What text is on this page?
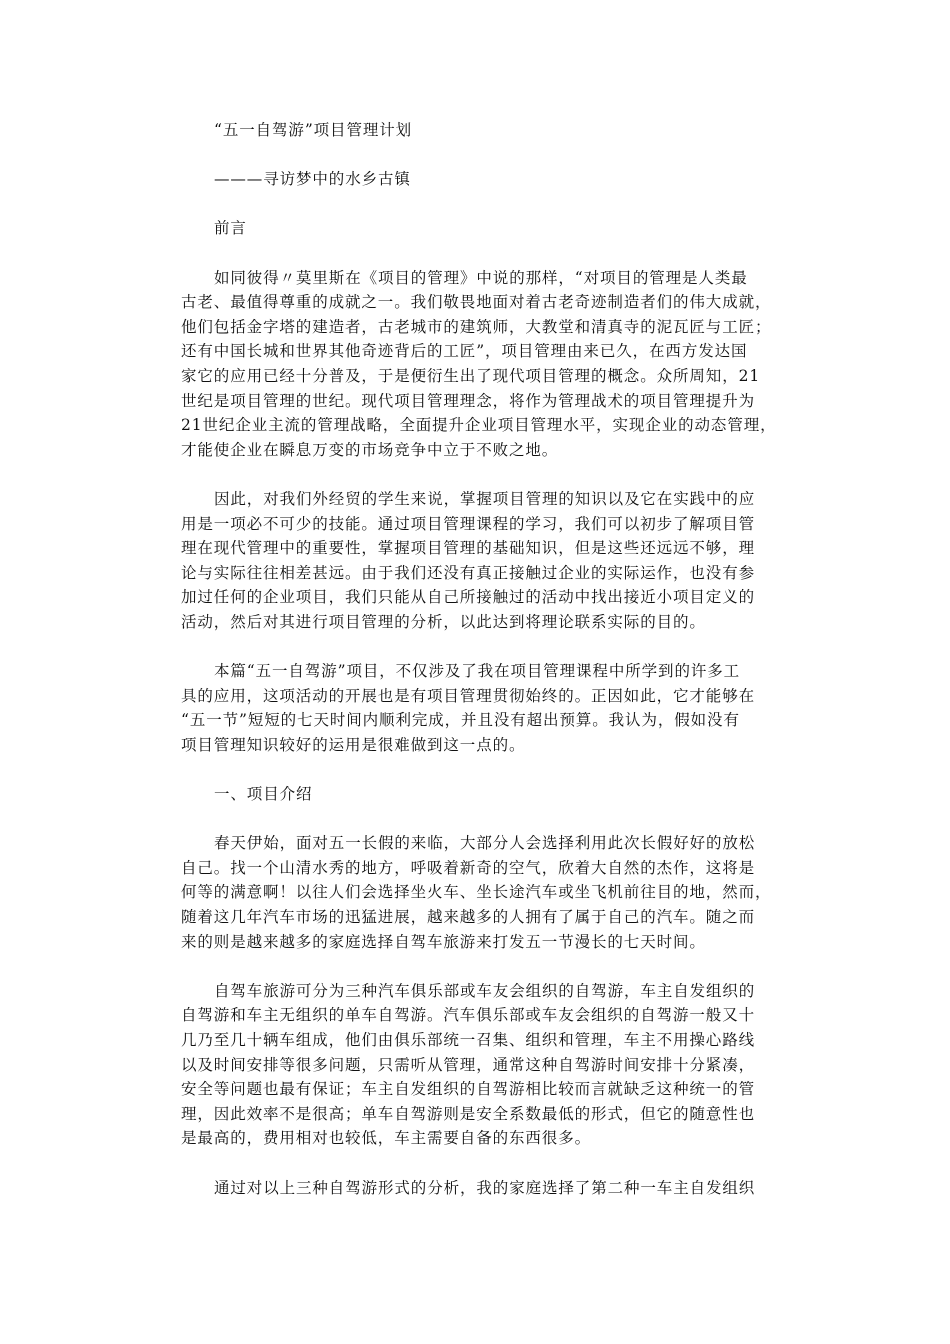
“五一自驾游”项目管理计划
———寻访梦中的水乡古镇
前言
如同彼得〃莫里斯在《项目的管理》中说的那样，“对项目的管理是人类最
古老、最值得尊重的成就之一。我们敬畏地面对着古老奇迹制造者们的伟大成就，
他们包括金字塔的建造者，古老城市的建筑师，大教堂和清真寺的泥瓦匠与工匠；
还有中国长城和世界其他奇迹背后的工匠”，项目管理由来已久，在西方发达国
家它的应用已经十分普及，于是便衍生出了现代项目管理的概念。众所周知，21
世纪是项目管理的世纪。现代项目管理理念，将作为管理战术的项目管理提升为
21世纪企业主流的管理战略，全面提升企业项目管理水平，实现企业的动态管理，
才能使企业在瞬息万变的市场竞争中立于不败之地。
因此，对我们外经贸的学生来说，掌握项目管理的知识以及它在实践中的应
用是一项必不可少的技能。通过项目管理课程的学习，我们可以初步了解项目管
理在现代管理中的重要性，掌握项目管理的基础知识，但是这些还远远不够，理
论与实际往往相差甚远。由于我们还没有真正接触过企业的实际运作，也没有参
加过任何的企业项目，我们只能从自己所接触过的活动中找出接近小项目定义的
活动，然后对其进行项目管理的分析，以此达到将理论联系实际的目的。
本篇“五一自驾游”项目，不仅涉及了我在项目管理课程中所学到的许多工
具的应用，这项活动的开展也是有项目管理贯彻始终的。正因如此，它才能够在
“五一节”短短的七天时间内顺利完成，并且没有超出预算。我认为，假如没有
项目管理知识较好的运用是很难做到这一点的。
一、项目介绍
春天伊始，面对五一长假的来临，大部分人会选择利用此次长假好好的放松
自己。找一个山清水秀的地方，呼吸着新奇的空气，欣着大自然的杰作，这将是
何等的满意啊！以往人们会选择坐火车、坐长途汽车或坐飞机前往目的地，然而，
随着这几年汽车市场的迅猛进展，越来越多的人拥有了属于自己的汽车。随之而
来的则是越来越多的家庭选择自驾车旅游来打发五一节漫长的七天时间。
自驾车旅游可分为三种汽车俱乐部或车友会组织的自驾游，车主自发组织的
自驾游和车主无组织的单车自驾游。汽车俱乐部或车友会组织的自驾游一般又十
几乃至几十辆车组成，他们由俱乐部统一召集、组织和管理，车主不用操心路线
以及时间安排等很多问题，只需听从管理，通常这种自驾游时间安排十分紧凑，
安全等问题也最有保证；车主自发组织的自驾游相比较而言就缺乏这种统一的管
理，因此效率不是很高；单车自驾游则是安全系数最低的形式，但它的随意性也
是最高的，费用相对也较低，车主需要自备的东西很多。
通过对以上三种自驾游形式的分析，我的家庭选择了第二种一车主自发组织
